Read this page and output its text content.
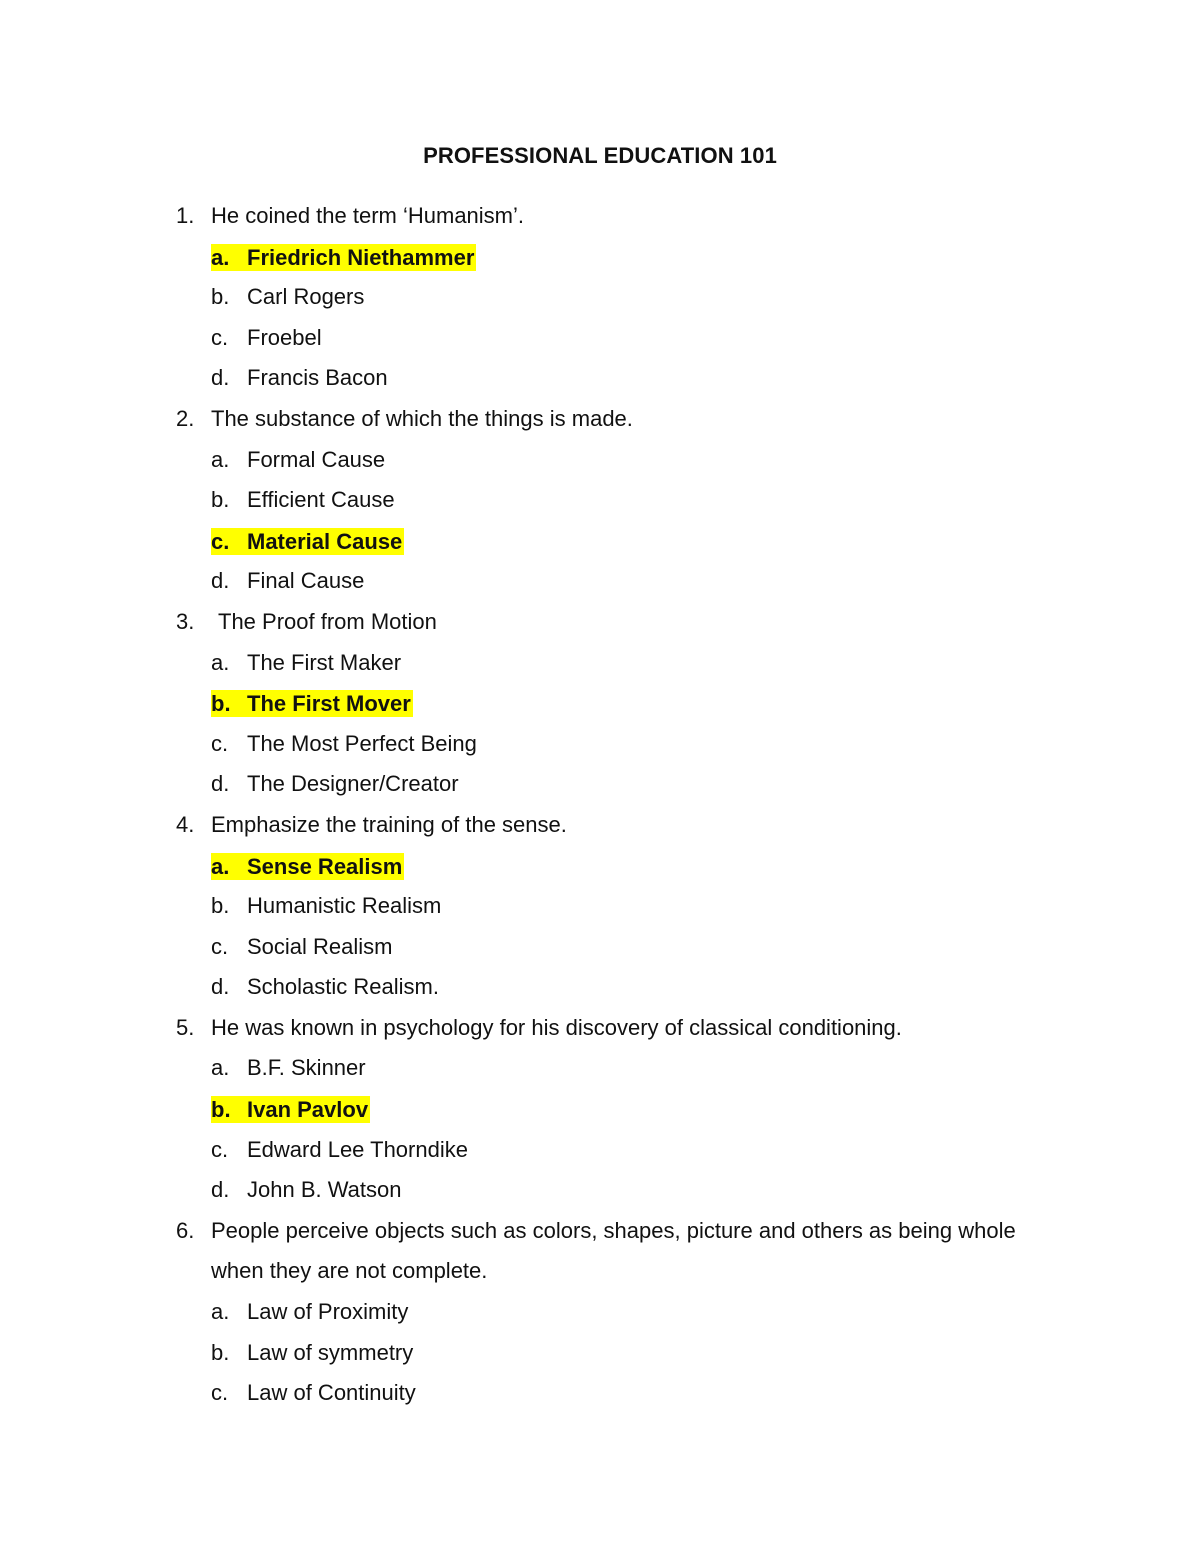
PROFESSIONAL EDUCATION 101
1. He coined the term ‘Humanism’.
a. Friedrich Niethammer
b. Carl Rogers
c. Froebel
d. Francis Bacon
2. The substance of which the things is made.
a. Formal Cause
b. Efficient Cause
c. Material Cause
d. Final Cause
3.	The Proof from Motion
a. The First Maker
b. The First Mover
c. The Most Perfect Being
d. The Designer/Creator
4. Emphasize the training of the sense.
a. Sense Realism
b. Humanistic Realism
c. Social Realism
d. Scholastic Realism.
5. He was known in psychology for his discovery of classical conditioning.
a. B.F. Skinner
b. Ivan Pavlov
c. Edward Lee Thorndike
d. John B. Watson
6. People perceive objects such as colors, shapes, picture and others as being whole when they are not complete.
a. Law of Proximity
b. Law of symmetry
c. Law of Continuity
